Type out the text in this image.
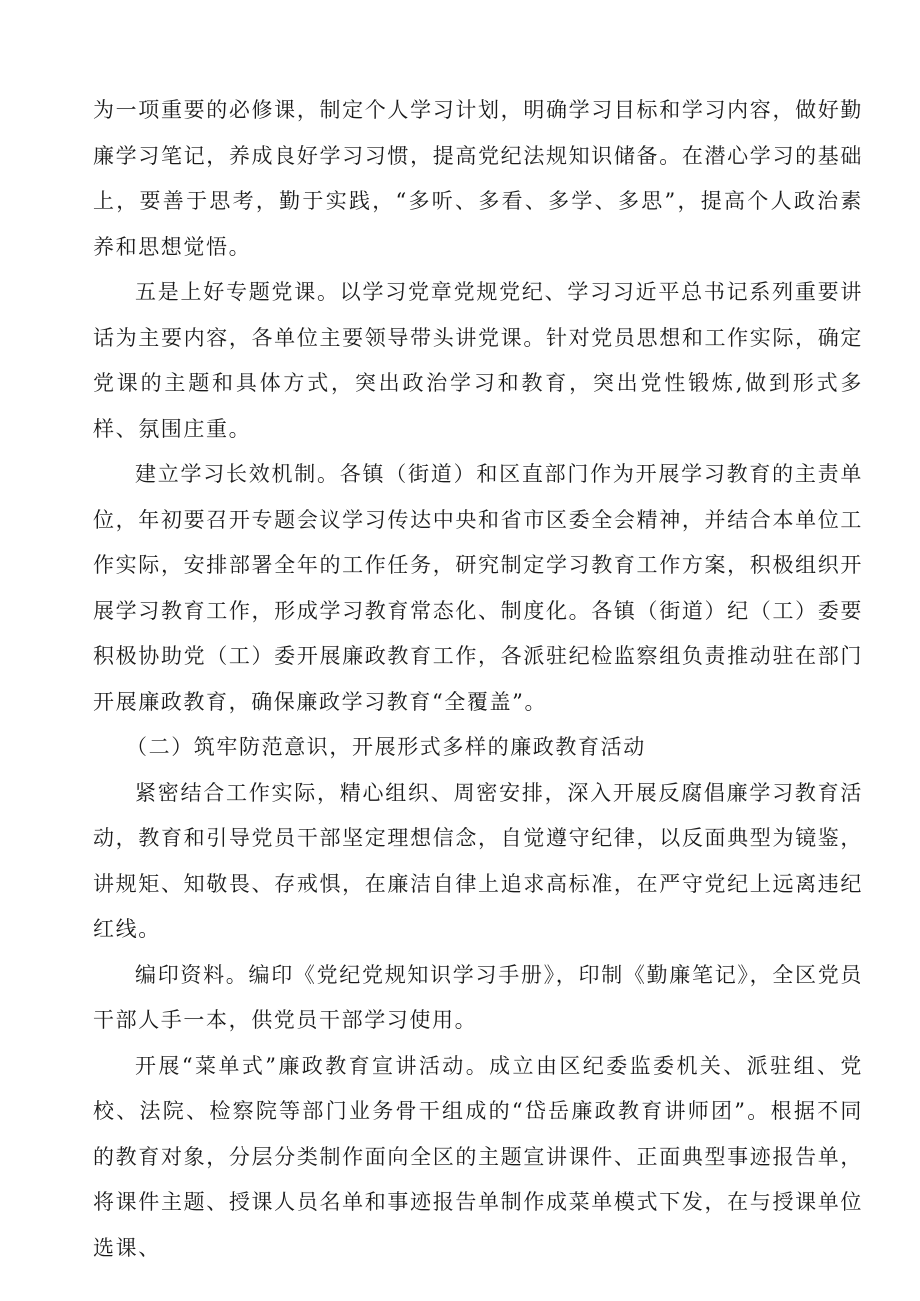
为一项重要的必修课，制定个人学习计划，明确学习目标和学习内容，做好勤廉学习笔记，养成良好学习习惯，提高党纪法规知识储备。在潜心学习的基础上，要善于思考，勤于实践，“多听、多看、多学、多思”，提高个人政治素养和思想觉悟。

五是上好专题党课。以学习党章党规党纪、学习习近平总书记系列重要讲话为主要内容，各单位主要领导带头讲党课。针对党员思想和工作实际，确定党课的主题和具体方式，突出政治学习和教育，突出党性锻炼,做到形式多样、氛围庄重。

建立学习长效机制。各镇（街道）和区直部门作为开展学习教育的主责单位，年初要召开专题会议学习传达中央和省市区委全会精神，并结合本单位工作实际，安排部署全年的工作任务，研究制定学习教育工作方案，积极组织开展学习教育工作，形成学习教育常态化、制度化。各镇（街道）纪（工）委要积极协助党（工）委开展廉政教育工作，各派驻纪检监察组负责推动驻在部门开展廉政教育，确保廉政学习教育“全覆盖”。

（二）筑牢防范意识，开展形式多样的廉政教育活动

紧密结合工作实际，精心组织、周密安排，深入开展反腐倡廉学习教育活动，教育和引导党员干部坚定理想信念，自觉遵守纪律，以反面典型为镜鉴，讲规矩、知敬畏、存戒惧，在廉洁自律上追求高标准，在严守党纪上远离违纪红线。

编印资料。编印《党纪党规知识学习手册》，印制《勤廉笔记》，全区党员干部人手一本，供党员干部学习使用。

开展“菜单式”廉政教育宣讲活动。成立由区纪委监委机关、派驻组、党校、法院、检察院等部门业务骨干组成的“岱岳廉政教育讲师团”。根据不同的教育对象，分层分类制作面向全区的主题宣讲课件、正面典型事迹报告单，将课件主题、授课人员名单和事迹报告单制作成菜单模式下发，在与授课单位选课、
